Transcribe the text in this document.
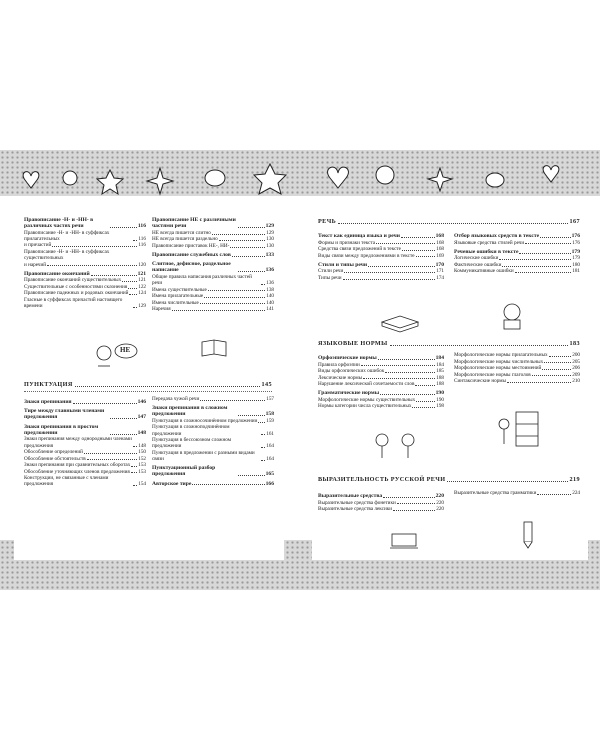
Правописание -Н- и -НН- в различных частях речи	116
Правописание -Н- и -НН- в суффиксах прилагательных	116
и причастий	116
Правописание -Н- и -НН- в суффиксах существительных
и наречий	120
Правописание окончаний	121
Правописание окончаний существительных	121
Существительные с особенностями склонения 122
Правописание падежных и родовых окончаний 124
Гласные в суффиксах причастий настоящего времени	129
Правописание НЕ с различными частями речи	129
НЕ всегда пишется слитно	129
НЕ всегда пишется раздельно	130
Правописание приставок НЕ-, НИ-	130
Правописание служебных слов	133
Слитное, дефисное, раздельное написание	136
Общие правила написания различных частей речи	136
Имена существительные	138
Имена прилагательные	140
Имена числительные	140
Наречия	141
НЕ
ПУНКТУАЦИЯ	145
Знаки препинания	146
Тире между главными членами предложения	147
Знаки препинания в простом предложении	148
Знаки препинания между однородными членами предложения	148
Обособление определений	150
Обособление обстоятельств	152
Знаки препинания при сравнительных оборотах 153
Обособление уточняющих членов предложения 153
Конструкции, не связанные с членами предложения	154
Передача чужой речи	157
Знаки препинания в сложном предложении	158
Пунктуация в сложносочинённом предложении 159
Пунктуация в сложноподчинённом предложении	161
Пунктуация в бессоюзном сложном предложении	164
Пунктуация в предложении с разными видами связи	164
Пунктуационный разбор предложения	165
Авторское тире	166
РЕЧЬ	167
Текст как единица языка и речи	168
Формы и признаки текста	168
Средства связи предложений в тексте	168
Виды связи между предложениями в тексте	169
Стили и типы речи	170
Стили речи	171
Типы речи	174
Отбор языковых средств в тексте	176
Языковые средства стилей речи	176
Речевые ошибки в тексте	179
Логические ошибки	179
Фактические ошибки	180
Коммуникативные ошибки	181
ЯЗЫКОВЫЕ НОРМЫ	183
Орфоэпические нормы	184
Правила орфоэпии	184
Виды орфоэпических ошибок	185
Лексические нормы	188
Нарушение лексической сочетаемости слов	188
Грамматические нормы	190
Морфологические нормы существительных	190
Нормы категории числа существительных	198
Морфологические нормы прилагательных	200
Морфологические нормы числительных	205
Морфологические нормы местоимений	206
Морфологические нормы глаголов	209
Синтаксические нормы	210
ВЫРАЗИТЕЛЬНОСТЬ РУССКОЙ РЕЧИ	219
Выразительные средства	220
Выразительные средства фонетики	220
Выразительные средства лексики	220
Выразительные средства грамматики	224
